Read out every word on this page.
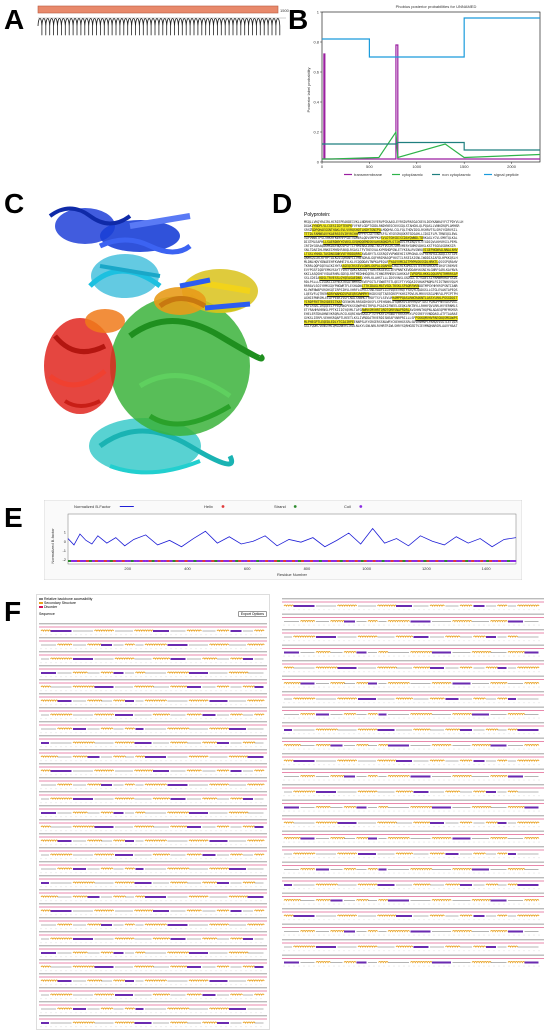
A	1500 B	Phobius posterior probabilities for UNNAMED
Posterior label probability
0
0.2
0.4
0.6
0.8
1
0	500	1000	1500	2000
transmembrane	cytoplasmic	non cytoplasmic	signal peptide
C	D Polyprotein:
MSQLLVKQYRAIRLHCRIEPEAKDEIVKLLNDRHKIVYERVPCKAASLEYRSDVPAEGACKEVLDGYKANKAYFCTPDYVLLH
DGAKVYNDPLVLCGESIIDFTEKPKFVFNFLGDPTGDDLRNDYNESCKVSGQLSTAHGKLQLPQASLLVNKGRQPLAMHSR
SRSDGDPQHAEGGNTHAKLSVLVVRQSHQTLKDHTGNIPALMQQHVLCGLFQLTHDVIDSLRSHRVTSLSRSYSDRVSIL
TTTDLFAMNEAVYKAERSSSVIRYRIHHMPPYFLGEYVNVSFSLYESEGRQGKRTSDSAHLLIDGIFLPLTRNEQGLEWL
VAPVWWSTPSLVHKHFKWYHFPSDTVAMERLQDVSMPPKVSVLDTGHSDISCDAYQWNDLTDRKAGLYCVLSMRTQLKAL
DIGTMLEAPHLLSAERDNYYGVKSLGVQHQQEMDSKVAHGNQKDPLSTIHDVLYKVAQSYLVTGDIQVLKHVRSILPEML
IRTDYGSRAQDKMKDAFNQGVPGFTLYRMVAKAIKNLTNSVYVGCRCSHRVMERYSNMSVDHSLKSTFSGEASDRKSIR
SNLTDAEIHLRNKEIMHSHFAKQLRSASLTFVTKESVALKYMSHDPSNLETYKEALRVSNRQVIGEPNGNRALNNALNHV
LTGSLYKHDLTASDNGGNKVVEYRDDQRRCAVDARYTLSGSRQIVVPWDEHIISPRGHALSSFREHVSGLAAQLLSTGVE
QNMSQLLKLKFRPTALKDILQRDNYLLVHESDRALGQFHRIMASQPYKSTILRSEIAISNLIWDDIAIAFDLHPKKQSLH
MLDNLHQVYDNAEEHFKVWHEIYLKLVCQQDDAVTNPKAPEQLRPYAAYVMCAITMYMVGKSSDLHRKTLQSSSPQRAHV
TKRRLQQPSQEVAIKIHYFAAGEQCRSSEVLGNRLGKPALQQAMSRLHAIRIKGMGCSSTEEHVAHSAFDIRSFIREMVE
EVYPGSFIQDFEMKVSAYTTVREFQDKIKAGSQYYARIRKGEEGLIEVPNNTKEVDDAHVKGNIHLGNRFSARLKAYNVA
KKILASQSHEYVDAERHRLSDEQLRRTMEDHHGQERLYIHNGFRMEDVIAHSKAFCVPDPDLHKKLQQLRPQTRMRRSAP
SSLCDEIAKDSLTRVESSLQYQEAGAEDNSLYHRLKLAHSTLLLIDSVVNSLGSDGLLTLYGAELSIPAMNHKHAFGSDL
RDLPSLLLGISAKLLAYHEATKGATWMRSDSVEPSGTLFGWNTFETLQEIFTYVGQAISVHAKPNQMLFSISTNHVVQLM
RRRAVLSGSYRMSGQYPNGWRTFLESHADNLTTKIDAGLMATVSDLTKSKLSPAQRFWVNDDTMPGYHHYRSPSNTIANR
KLVWFNWAPVRGHSQTIRPSIHVLVHRFLGPELLVNLVAAYLLLEVQEEVHQTFSEQYLQADGSLLGTGLEVAKTAPEQS
LQESVFLQTRERNDRYWAMGGVPAEQRSVWMPHYHGDSVQTTAEEGREPYKHSIPDVLRLMRVVGSGLMRFALPPIPTPH
AGHIEPNRSMLEEAYPEEKIVGFLNALSRNHGTYRDFTSYLSEVLRHAMPPQASLRNCRAKNTLASSYLRKLPGSGDQIT
YIRDPFNTTRGVDEEITKAFGEEWSMLRRSNIHSKSFLSPEHSNKLAYQWKRVLEHFHQSPTASTPQAGPPNVVASPDGC
PNFLRSKLIRQQEELPPEQRNGPEKSSQWPHSSTRPQLPSAIKIFNEELGEQKLRKTNYLLRHHYQVLRRLHVYERNMLS
ETYRAHHVHRNSLPPTKIIIGYQVMLTAFGRWRKSMVHRTQRDTQRRVNAPRDRLAVSHHNTHQPNLADAEQPMFMSMSR
EHELERTDKAHNEVKRQRLRCSLKQRIHAHSASLPTSYPKRFLPEWAFFRRSRPRYLPGSREFVVNDDASLATFTAARAE
GVKSLIERPLVEHHSRQAPTLREETLKSLIVRDDATRVERDISNEAFVNRPRILLLSPPSKKQMVHVPAEGKQSMGAWPS
MLPHEGPTLEQEDLEDLYTGIAIRPEENNPSLRYSRGERSSNLWRYCKEHHGSSRLSDVRNMNPCPARQSVSGTLETQLR
GGIFQDKCVKNGVMLQMLDWERSIRDLNLKYLSNLNRLRVHRTRIWLSHRYSQRHGEDTVIEVMNQHARSRLAAVYHAAT
E	Normalized B-Factor	Helix	Strand	Coil
Normalized B-factor 1
0
-1
-2
200	400	600	800	1000	1200	1400
Residue Number
F	Relative backbone accessibility
Secondary Structure
Disorder
Sequence	Export Options
